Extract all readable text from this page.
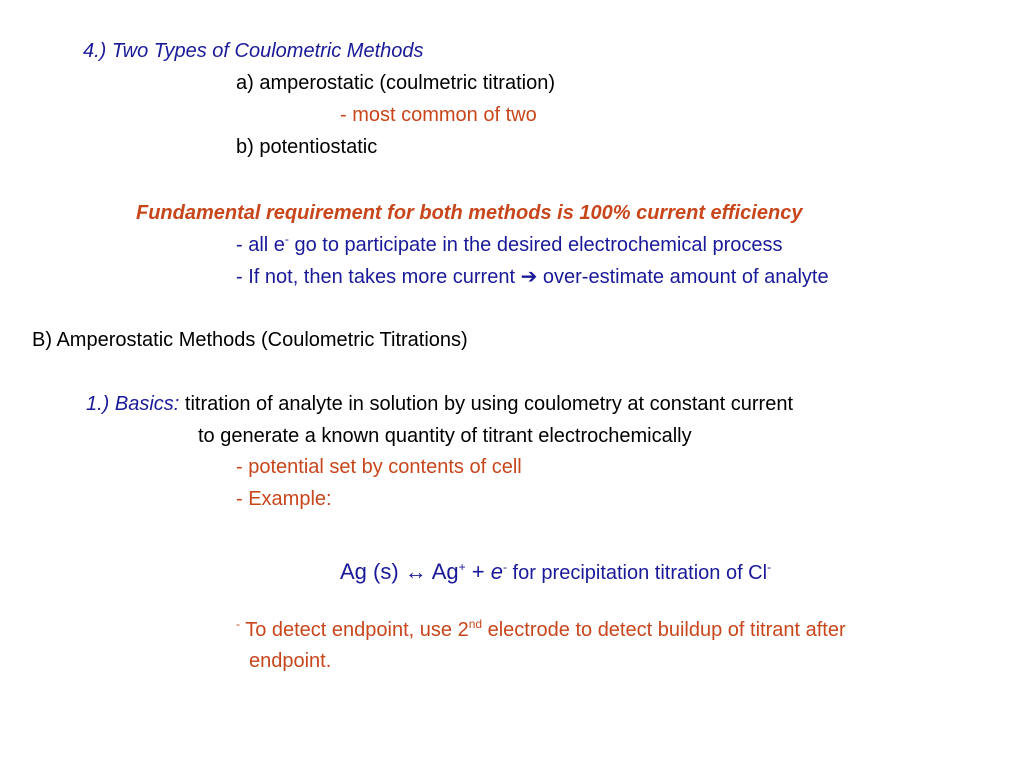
4.) Two Types of Coulometric Methods
a) amperostatic (coulmetric titration)
- most common of two
b) potentiostatic
Fundamental requirement for both methods is 100% current efficiency
- all e- go to participate in the desired electrochemical process
- If not, then takes more current ➔ over-estimate amount of analyte
B) Amperostatic Methods (Coulometric Titrations)
1.) Basics: titration of analyte in solution by using coulometry at constant current
to generate a known quantity of titrant electrochemically
- potential set by contents of cell
- Example:
Ag (s) ↔ Ag+ + e- for precipitation titration of Cl-
- To detect endpoint, use 2nd electrode to detect buildup of titrant after
endpoint.
